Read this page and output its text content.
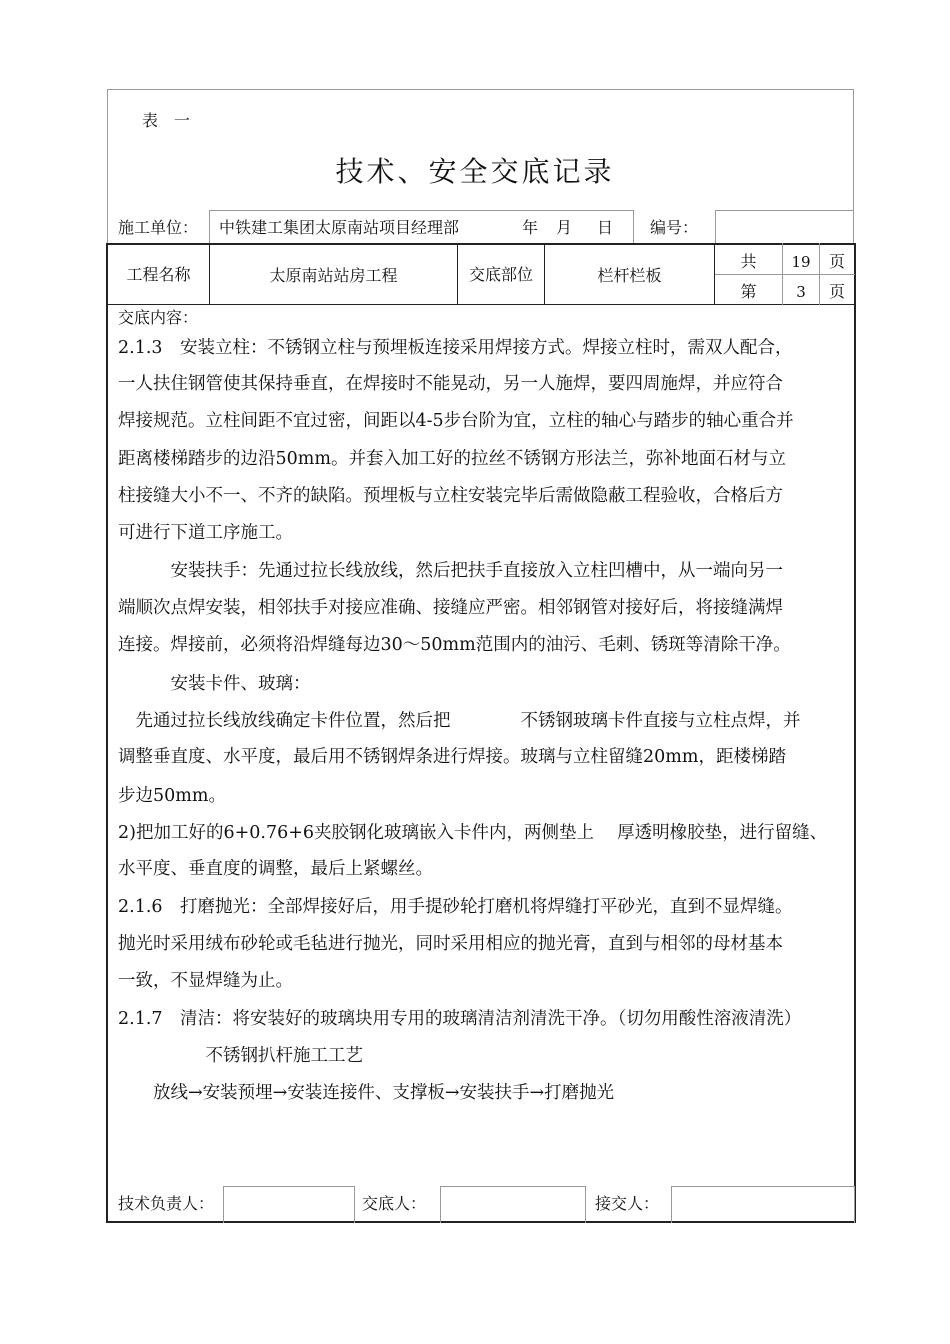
表　一
技术、安全交底记录
施工单位： 中铁建工集团太原南站项目经理部	年 月 日 编号：
工程名称	太原南站站房工程	交底部位	栏杆栏板
共	19	页
第	3	页
交底内容：
2.1.3　安装立柱：不锈钢立柱与预埋板连接采用焊接方式。焊接立柱时，需双人配合，
一人扶住钢管使其保持垂直，在焊接时不能晃动，另一人施焊，要四周施焊，并应符合
焊接规范。立柱间距不宜过密，间距以4-5步台阶为宜，立柱的轴心与踏步的轴心重合并
距离楼梯踏步的边沿50mm。并套入加工好的拉丝不锈钢方形法兰，弥补地面石材与立
柱接缝大小不一、不齐的缺陷。预埋板与立柱安装完毕后需做隐蔽工程验收，合格后方
可进行下道工序施工。
　　　安装扶手：先通过拉长线放线，然后把扶手直接放入立柱凹槽中，从一端向另一
端顺次点焊安装，相邻扶手对接应准确、接缝应严密。相邻钢管对接好后，将接缝满焊
连接。焊接前，必须将沿焊缝每边30～50mm范围内的油污、毛刺、锈斑等清除干净。
　　　安装卡件、玻璃：
　先通过拉长线放线确定卡件位置，然后把　　　　不锈钢玻璃卡件直接与立柱点焊，并
调整垂直度、水平度，最后用不锈钢焊条进行焊接。玻璃与立柱留缝20mm，距楼梯踏
步边50mm。
2)把加工好的6+0.76+6夹胶钢化玻璃嵌入卡件内，两侧垫上　 厚透明橡胶垫，进行留缝、
水平度、垂直度的调整，最后上紧螺丝。
2.1.6　打磨抛光：全部焊接好后，用手提砂轮打磨机将焊缝打平砂光，直到不显焊缝。
抛光时采用绒布砂轮或毛毡进行抛光，同时采用相应的抛光膏，直到与相邻的母材基本
一致，不显焊缝为止。
2.1.7　清洁：将安装好的玻璃块用专用的玻璃清洁剂清洗干净。（切勿用酸性溶液清洗）
　　　　　不锈钢扒杆施工工艺
　　放线→安装预埋→安装连接件、支撑板→安装扶手→打磨抛光
技术负责人：	交底人：	接交人：
